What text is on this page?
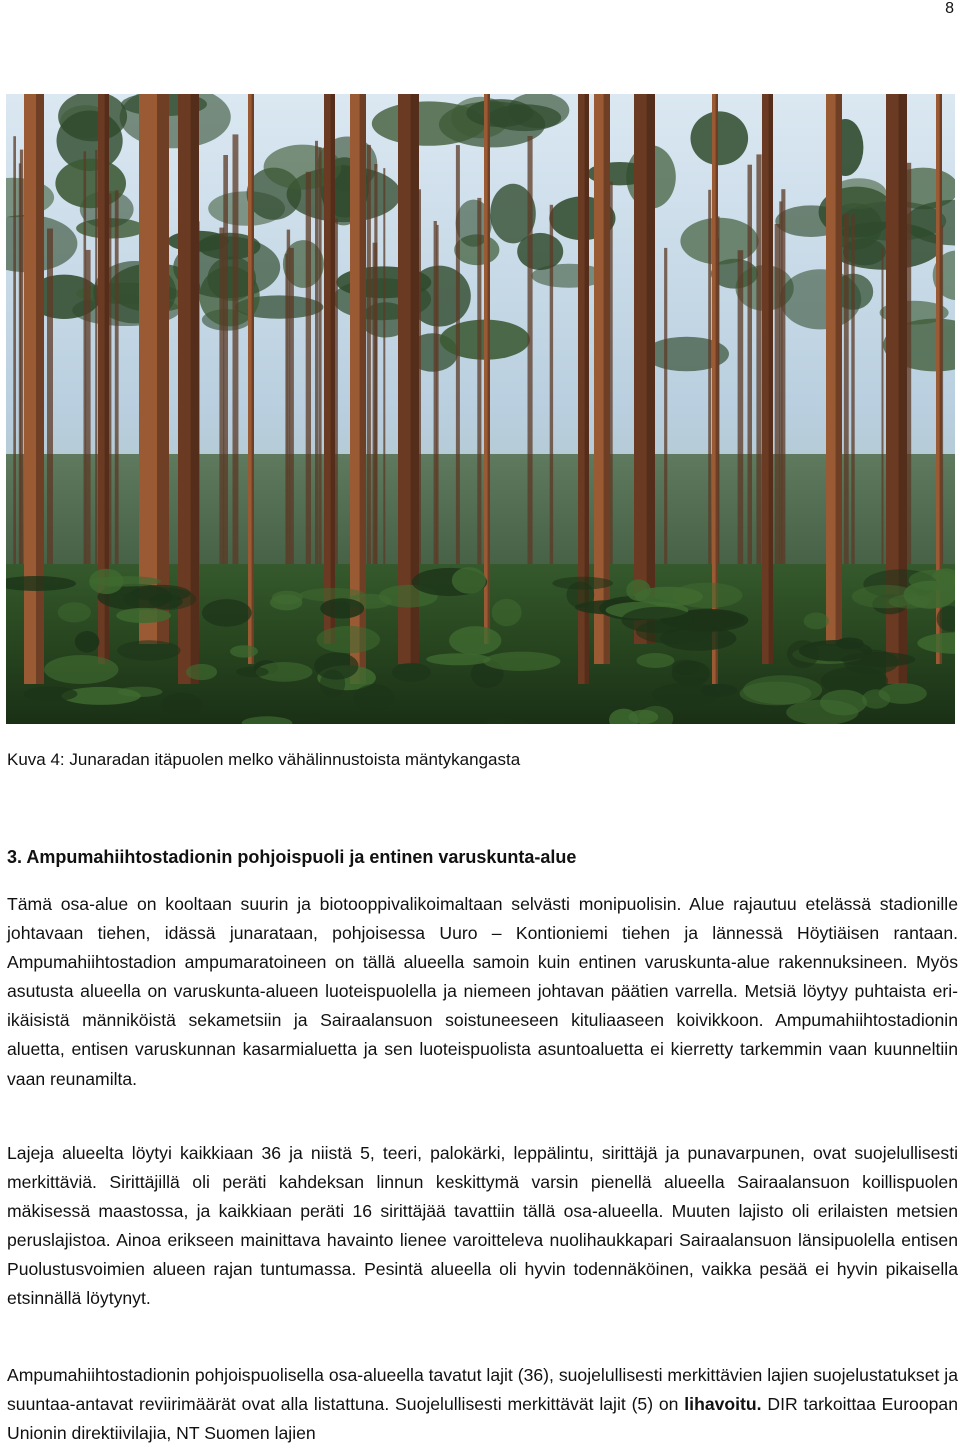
8
Kuva 4: Junaradan itäpuolen melko vähälinnustoista mäntykangasta
3. Ampumahiihtostadionin pohjoispuoli ja entinen varuskunta-alue
Tämä osa-alue on kooltaan suurin ja biotooppivalikoimaltaan selvästi monipuolisin. Alue rajautuu etelässä stadionille johtavaan tiehen, idässä junarataan, pohjoisessa Uuro – Kontioniemi tiehen ja lännessä Höytiäisen rantaan. Ampumahiihtostadion ampumaratoineen on tällä alueella samoin kuin entinen varuskunta-alue rakennuksineen. Myös asutusta alueella on varuskunta-alueen luoteispuolella ja niemeen johtavan päätien varrella. Metsiä löytyy puhtaista eri-ikäisistä männiköistä sekametsiin ja Sairaalansuon soistuneeseen kituliaaseen koivikkoon. Ampumahiihtostadionin aluetta, entisen varuskunnan kasarmialuetta ja sen luoteispuolista asuntoaluetta ei kierretty tarkemmin vaan kuunneltiin vaan reunamilta.
Lajeja alueelta löytyi kaikkiaan 36 ja niistä 5, teeri, palokärki, leppälintu, sirittäjä ja punavarpunen, ovat suojelullisesti merkittäviä. Sirittäjillä oli peräti kahdeksan linnun keskittymä varsin pienellä alueella Sairaalansuon koillispuolen mäkisessä maastossa, ja kaikkiaan peräti 16 sirittäjää tavattiin tällä osa-alueella. Muuten lajisto oli erilaisten metsien peruslajistoa. Ainoa erikseen mainittava havainto lienee varoitteleva nuolihaukkapari Sairaalansuon länsipuolella entisen Puolustusvoimien alueen rajan tuntumassa. Pesintä alueella oli hyvin todennäköinen, vaikka pesää ei hyvin pikaisella etsinnällä löytynyt.
Ampumahiihtostadionin pohjoispuolisella osa-alueella tavatut lajit (36), suojelullisesti merkittävien lajien suojelustatukset ja suuntaa-antavat reviirimäärät ovat alla listattuna. Suojelullisesti merkittävät lajit (5) on lihavoitu. DIR tarkoittaa Euroopan Unionin direktiivilajia, NT Suomen lajien
